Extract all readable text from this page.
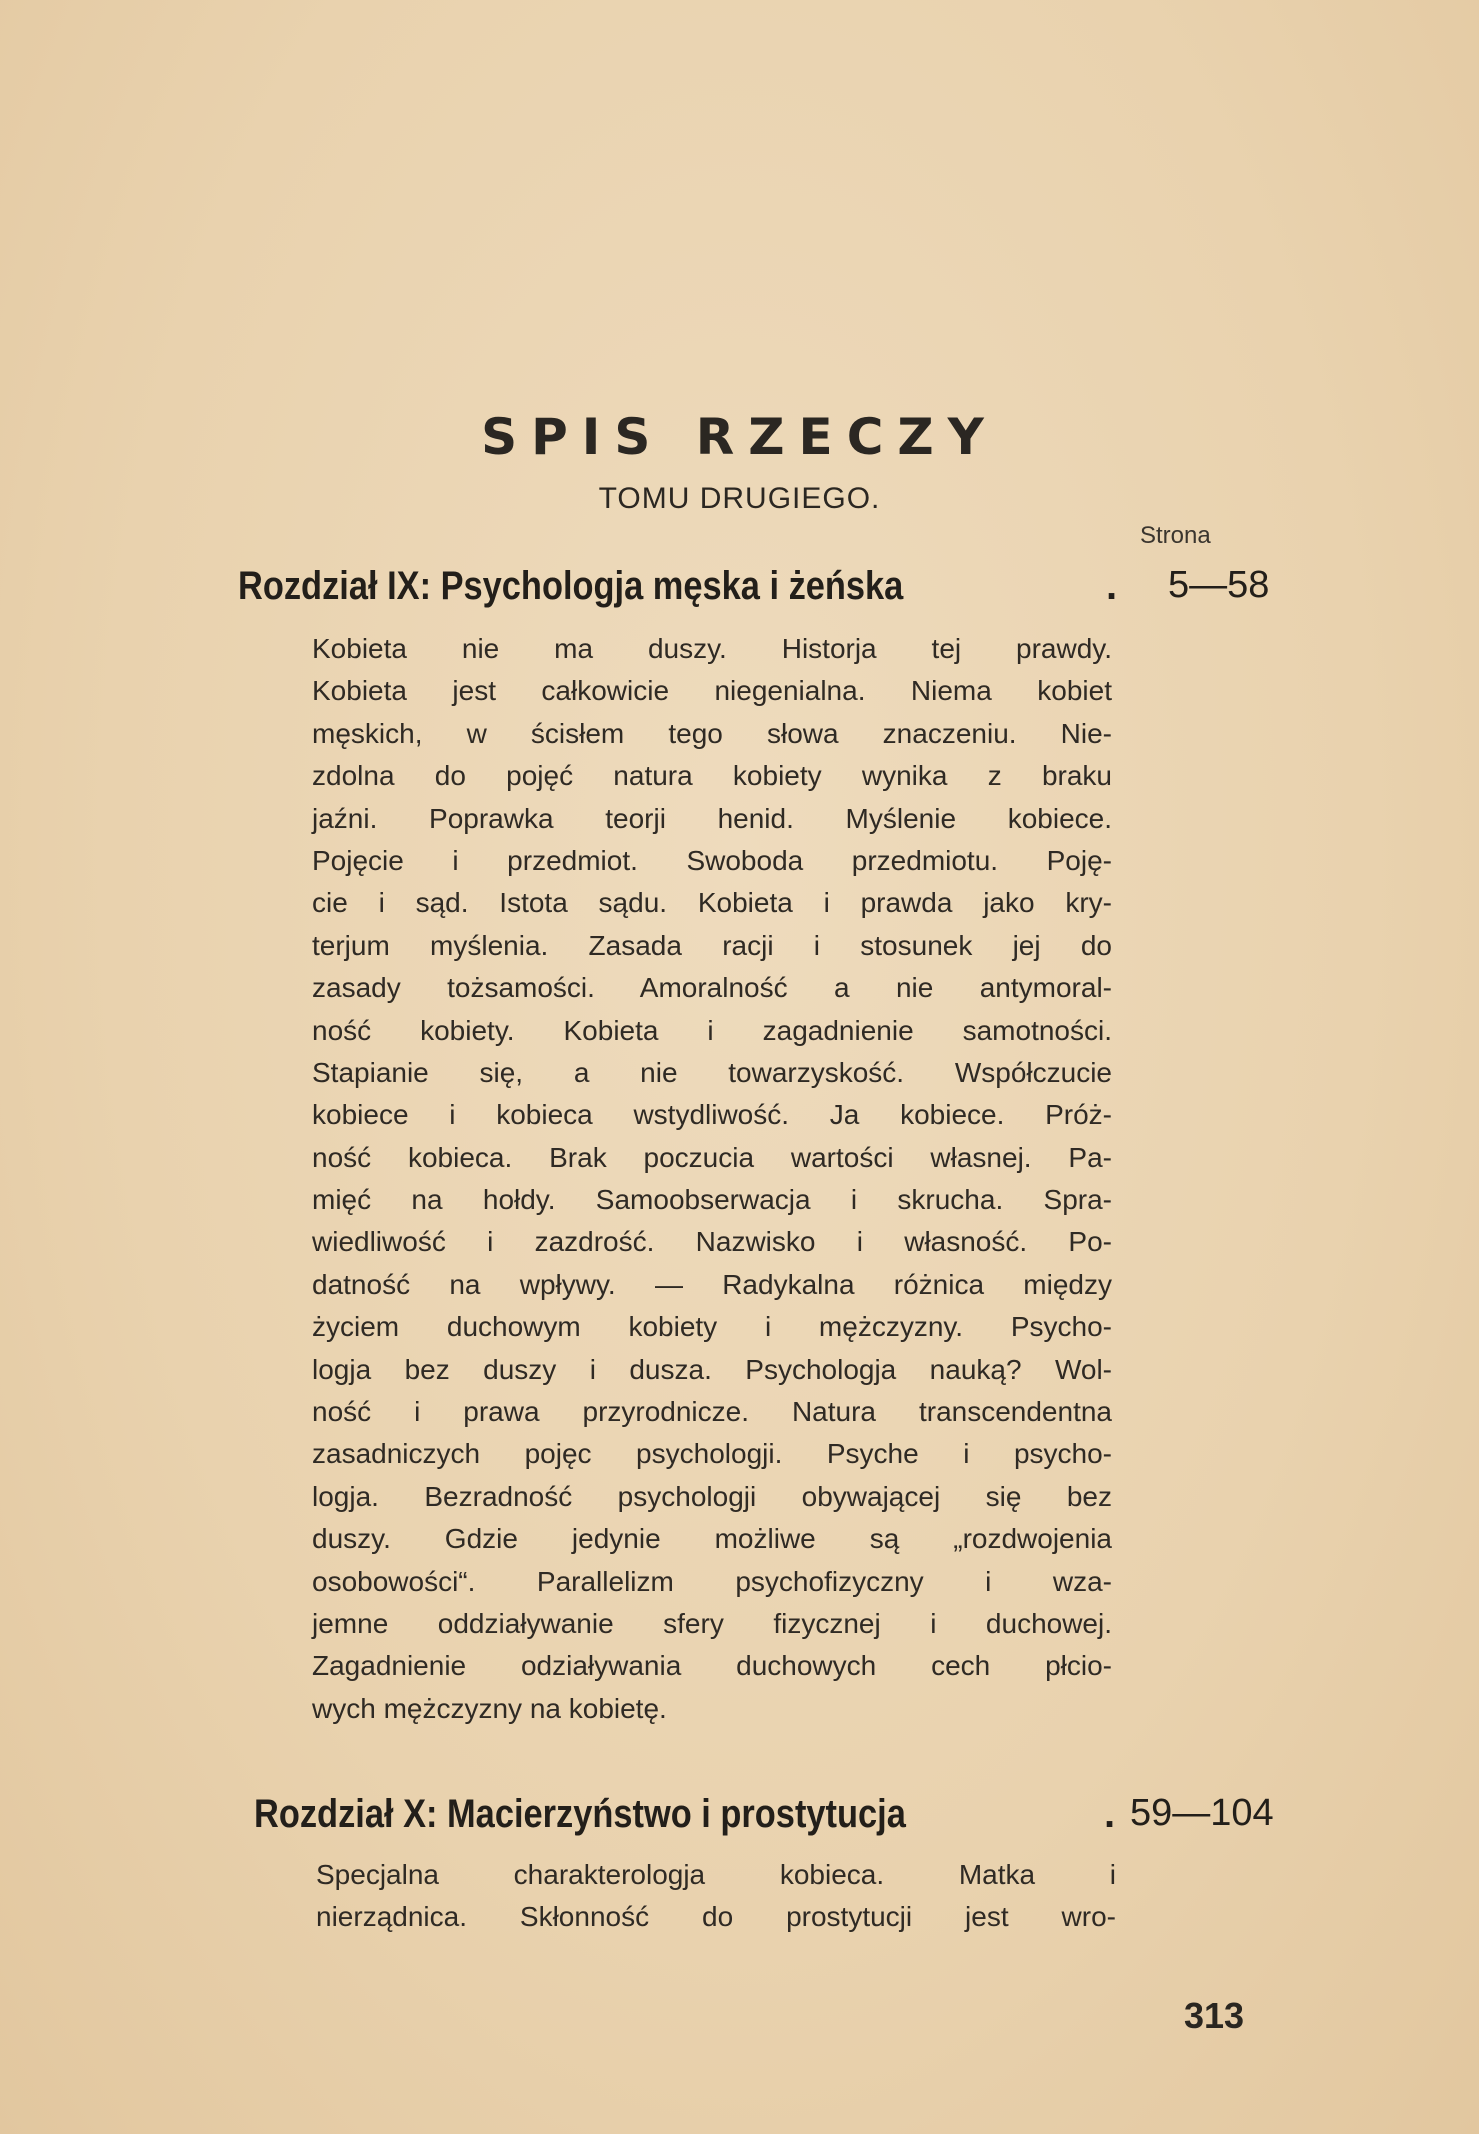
SPIS RZECZY
TOMU DRUGIEGO.
Strona
Rozdział IX: Psychologja męska i żeńska	. 5—58
Kobieta nie ma duszy. Historja tej prawdy.
Kobieta jest całkowicie niegenialna. Niema kobiet
męskich, w ścisłem tego słowa znaczeniu. Nie-
zdolna do pojęć natura kobiety wynika z braku
jaźni. Poprawka teorji henid. Myślenie kobiece.
Pojęcie i przedmiot. Swoboda przedmiotu. Poję-
cie i sąd. Istota sądu. Kobieta i prawda jako kry-
terjum myślenia. Zasada racji i stosunek jej do
zasady tożsamości. Amoralność a nie antymoral-
ność kobiety. Kobieta i zagadnienie samotności.
Stapianie się, a nie towarzyskość. Współczucie
kobiece i kobieca wstydliwość. Ja kobiece. Próż-
ność kobieca. Brak poczucia wartości własnej. Pa-
mięć na hołdy. Samoobserwacja i skrucha. Spra-
wiedliwość i zazdrość. Nazwisko i własność. Po-
datność na wpływy. — Radykalna różnica między
życiem duchowym kobiety i mężczyzny. Psycho-
logja bez duszy i dusza. Psychologja nauką? Wol-
ność i prawa przyrodnicze. Natura transcendentna
zasadniczych pojęc psychologji. Psyche i psycho-
logja. Bezradność psychologji obywającej się bez
duszy. Gdzie jedynie możliwe są „rozdwojenia
osobowości“. Parallelizm psychofizyczny i wza-
jemne oddziaływanie sfery fizycznej i duchowej.
Zagadnienie odziaływania duchowych cech płcio-
wych mężczyzny na kobietę.
Rozdział X: Macierzyństwo i prostytucja	. 59—104
Specjalna charakterologja kobieca. Matka i
nierządnica. Skłonność do prostytucji jest wro-
313
